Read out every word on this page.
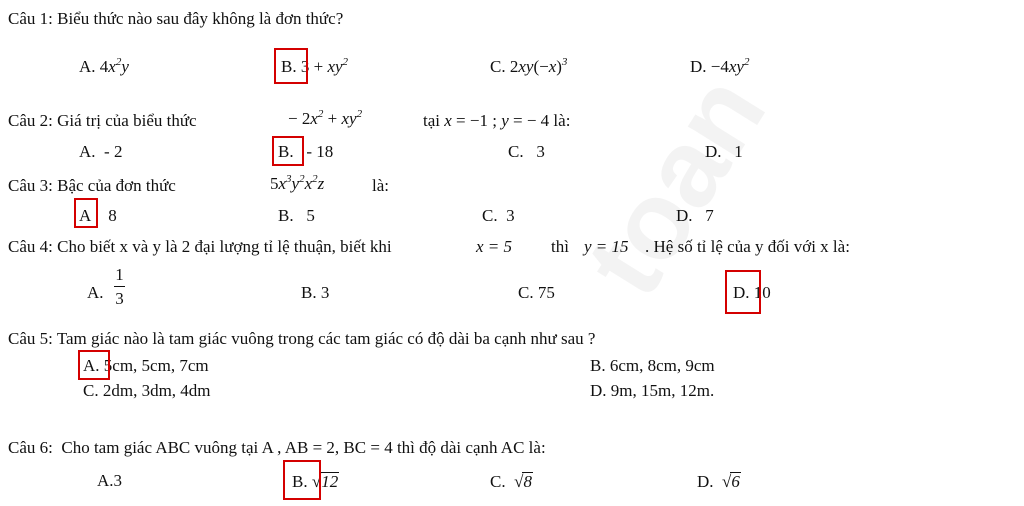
Câu 1: Biểu thức nào sau đây không là đơn thức?
A. $4x^2y$	B. $3 + xy^2$	C. $2xy(-x)^3$	D. $-4xy^2$
Câu 2: Giá trị của biểu thức	− $2x^2 + xy^2$	tại x = −1 ; y = − 4 là:
A. - 2	B. - 18	C. 3	D. 1
Câu 3: Bậc của đơn thức	$5x^3y^2x^2z$	là:
A 8	B. 5	C. 3	D. 7
Câu 4: Cho biết x và y là 2 đại lượng tỉ lệ thuận, biết khi	x = 5 thì y = 15 . Hệ số tỉ lệ của y đối với x là:
A.
1
3	B. 3	C. 75	D. 10
Câu 5: Tam giác nào là tam giác vuông trong các tam giác có độ dài ba cạnh như sau ?
A. 5cm, 5cm, 7cm	B. 6cm, 8cm, 9cm
C. 2dm, 3dm, 4dm	D. 9m, 15m, 12m.
Câu 6: Cho tam giác ABC vuông tại A , AB = 2, BC = 4 thì độ dài cạnh AC là:
A.3	B. √12	C. √8	D. √6
